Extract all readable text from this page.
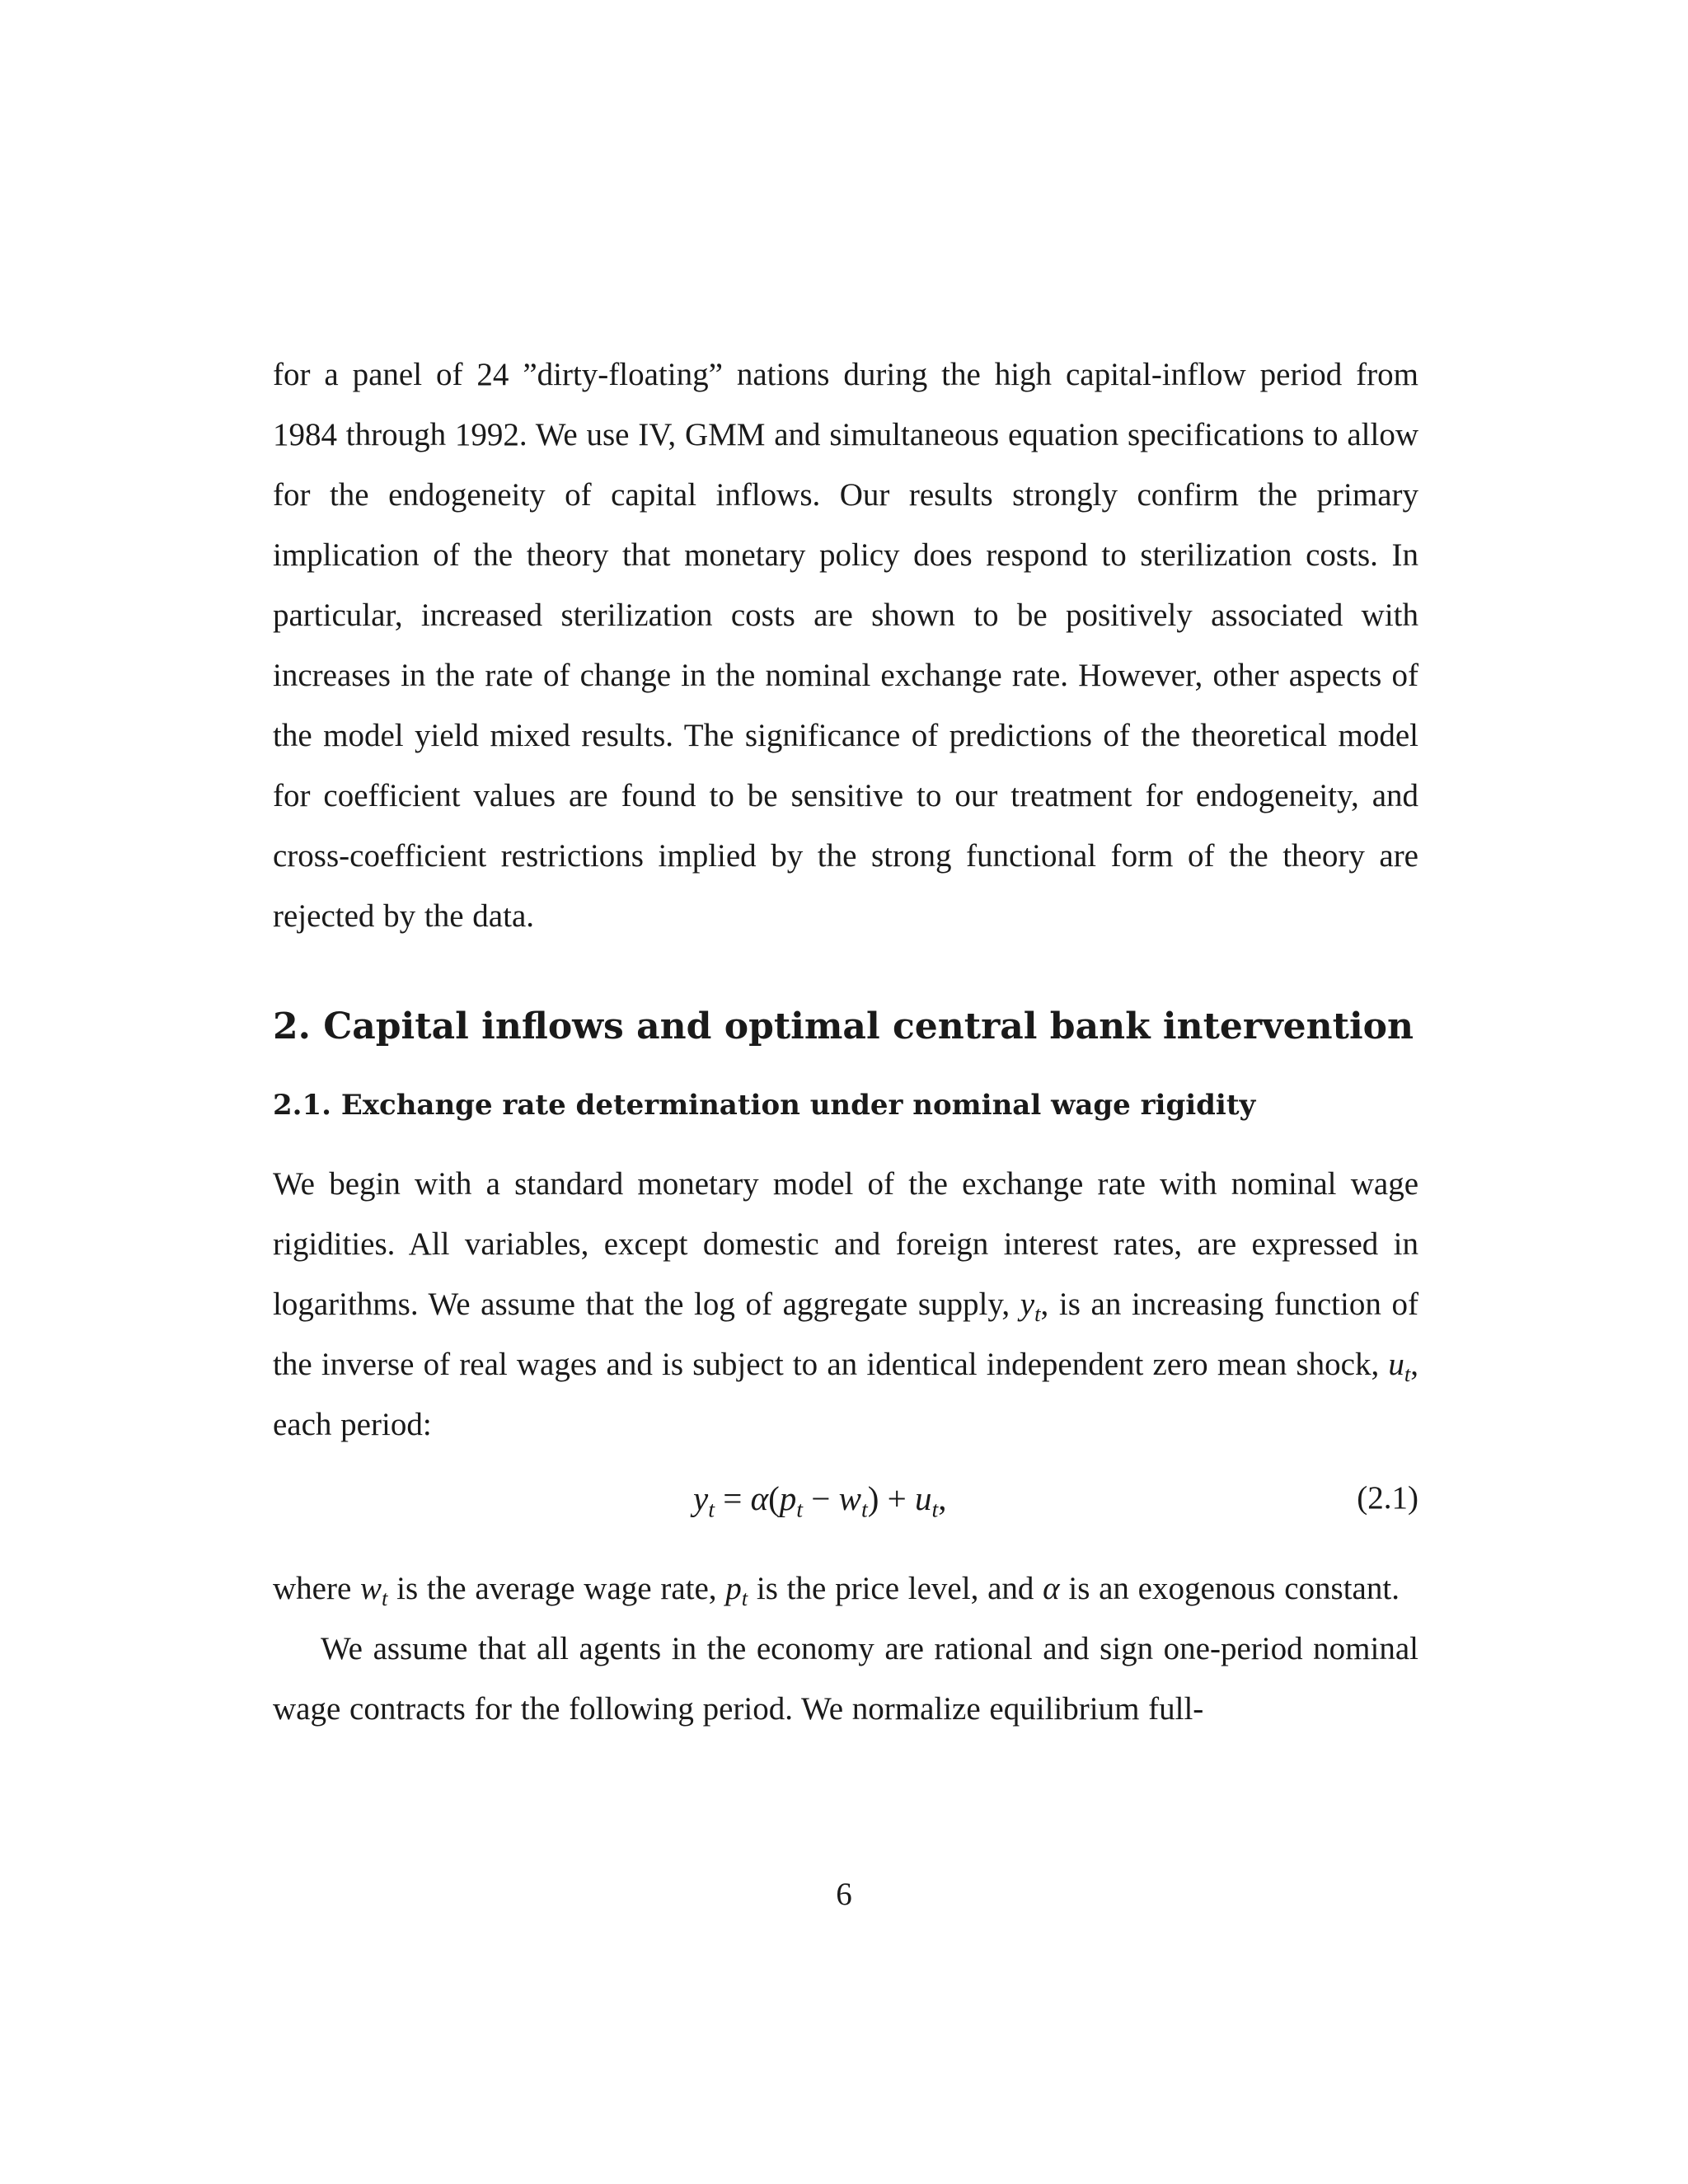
for a panel of 24 ”dirty-floating” nations during the high capital-inflow period from 1984 through 1992. We use IV, GMM and simultaneous equation specifications to allow for the endogeneity of capital inflows. Our results strongly confirm the primary implication of the theory that monetary policy does respond to sterilization costs. In particular, increased sterilization costs are shown to be positively associated with increases in the rate of change in the nominal exchange rate. However, other aspects of the model yield mixed results. The significance of predictions of the theoretical model for coefficient values are found to be sensitive to our treatment for endogeneity, and cross-coefficient restrictions implied by the strong functional form of the theory are rejected by the data.

2. Capital inflows and optimal central bank intervention
2.1. Exchange rate determination under nominal wage rigidity

We begin with a standard monetary model of the exchange rate with nominal wage rigidities. All variables, except domestic and foreign interest rates, are expressed in logarithms. We assume that the log of aggregate supply, $y_t$, is an increasing function of the inverse of real wages and is subject to an identical independent zero mean shock, $u_t$, each period:

$y_t = \alpha(p_t - w_t) + u_t$,	(2.1)

where $w_t$ is the average wage rate, $p_t$ is the price level, and α is an exogenous constant.

We assume that all agents in the economy are rational and sign one-period nominal wage contracts for the following period. We normalize equilibrium full-

6
